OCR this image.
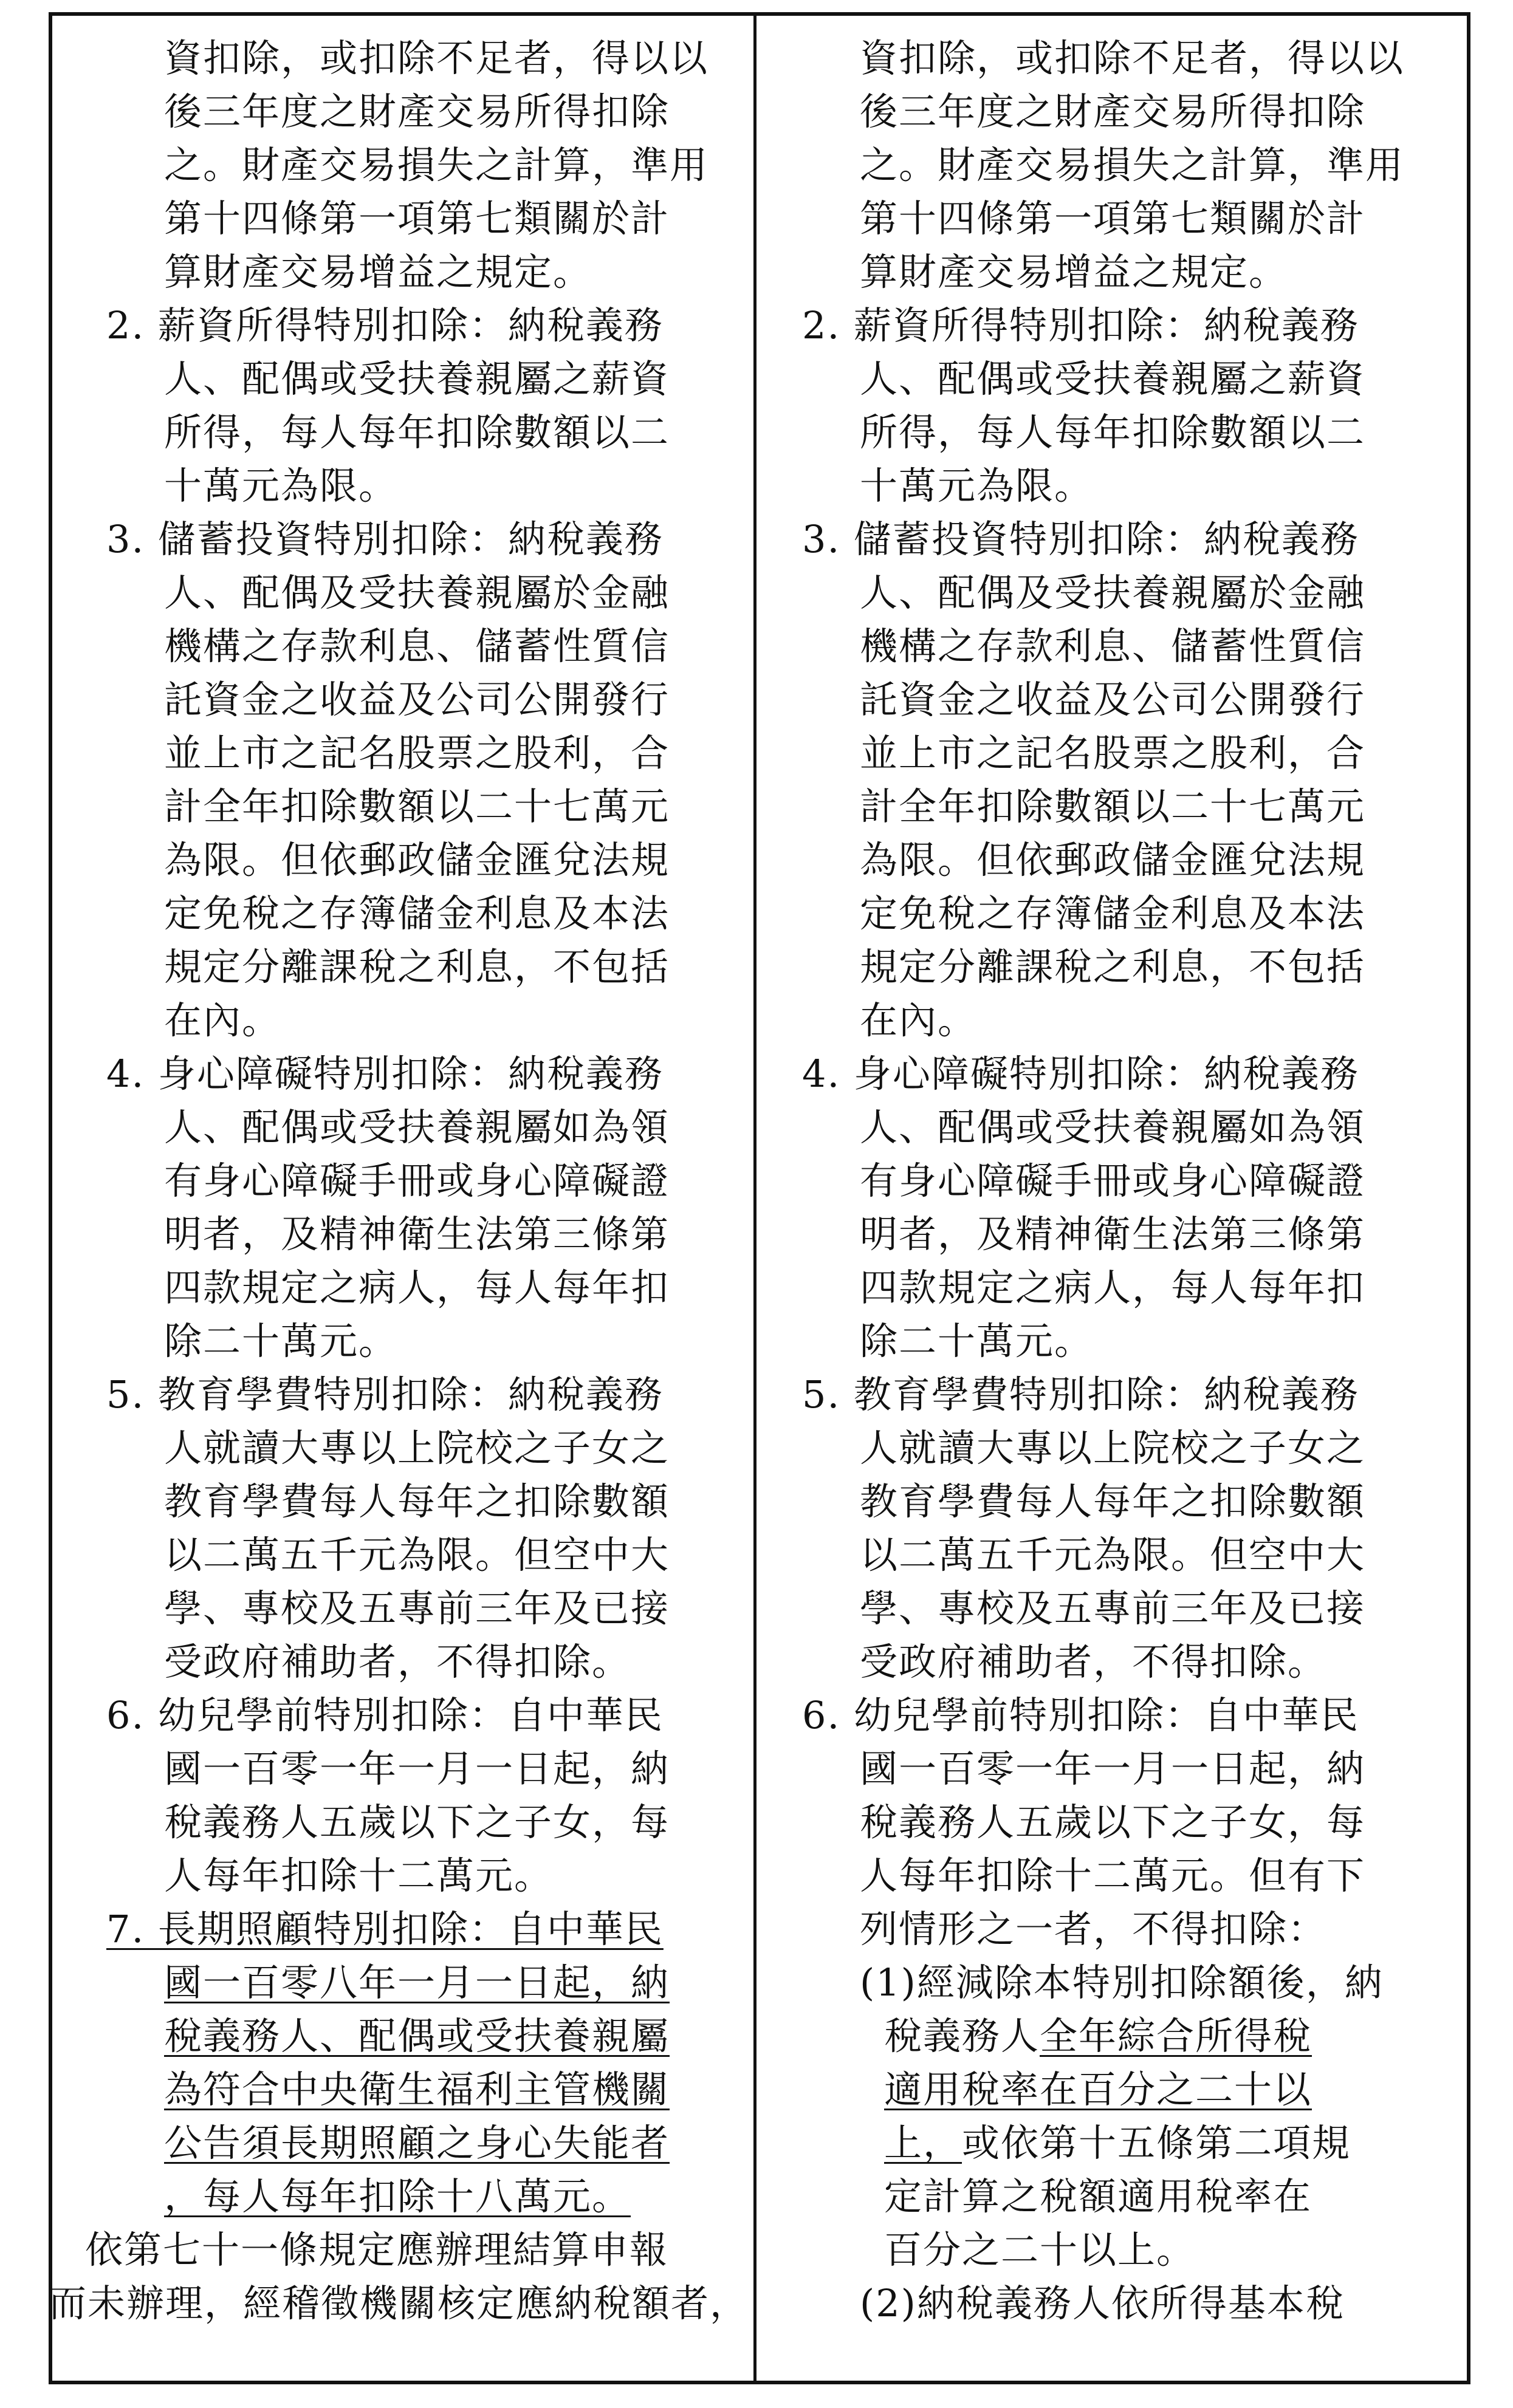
資扣除，或扣除不足者，得以以
後三年度之財產交易所得扣除
之。財產交易損失之計算，準用
第十四條第一項第七類關於計
算財產交易增益之規定。
2. 薪資所得特別扣除：納稅義務
人、配偶或受扶養親屬之薪資
所得，每人每年扣除數額以二
十萬元為限。
3. 儲蓄投資特別扣除：納稅義務
人、配偶及受扶養親屬於金融
機構之存款利息、儲蓄性質信
託資金之收益及公司公開發行
並上市之記名股票之股利，合
計全年扣除數額以二十七萬元
為限。但依郵政儲金匯兌法規
定免稅之存簿儲金利息及本法
規定分離課稅之利息，不包括
在內。
4. 身心障礙特別扣除：納稅義務
人、配偶或受扶養親屬如為領
有身心障礙手冊或身心障礙證
明者，及精神衛生法第三條第
四款規定之病人，每人每年扣
除二十萬元。
5. 教育學費特別扣除：納稅義務
人就讀大專以上院校之子女之
教育學費每人每年之扣除數額
以二萬五千元為限。但空中大
學、專校及五專前三年及已接
受政府補助者，不得扣除。
6. 幼兒學前特別扣除：自中華民
國一百零一年一月一日起，納
稅義務人五歲以下之子女，每
人每年扣除十二萬元。
7. 長期照顧特別扣除：自中華民
國一百零八年一月一日起，納
稅義務人、配偶或受扶養親屬
為符合中央衛生福利主管機關
公告須長期照顧之身心失能者
，每人每年扣除十八萬元。
依第七十一條規定應辦理結算申報
而未辦理，經稽徵機關核定應納稅額者，
資扣除，或扣除不足者，得以以
後三年度之財產交易所得扣除
之。財產交易損失之計算，準用
第十四條第一項第七類關於計
算財產交易增益之規定。
2. 薪資所得特別扣除：納稅義務
人、配偶或受扶養親屬之薪資
所得，每人每年扣除數額以二
十萬元為限。
3. 儲蓄投資特別扣除：納稅義務
人、配偶及受扶養親屬於金融
機構之存款利息、儲蓄性質信
託資金之收益及公司公開發行
並上市之記名股票之股利，合
計全年扣除數額以二十七萬元
為限。但依郵政儲金匯兌法規
定免稅之存簿儲金利息及本法
規定分離課稅之利息，不包括
在內。
4. 身心障礙特別扣除：納稅義務
人、配偶或受扶養親屬如為領
有身心障礙手冊或身心障礙證
明者，及精神衛生法第三條第
四款規定之病人，每人每年扣
除二十萬元。
5. 教育學費特別扣除：納稅義務
人就讀大專以上院校之子女之
教育學費每人每年之扣除數額
以二萬五千元為限。但空中大
學、專校及五專前三年及已接
受政府補助者，不得扣除。
6. 幼兒學前特別扣除：自中華民
國一百零一年一月一日起，納
稅義務人五歲以下之子女，每
人每年扣除十二萬元。但有下
列情形之一者，不得扣除：
(1)經減除本特別扣除額後，納
稅義務人全年綜合所得稅
適用稅率在百分之二十以
上，或依第十五條第二項規
定計算之稅額適用稅率在
百分之二十以上。
(2)納稅義務人依所得基本稅
